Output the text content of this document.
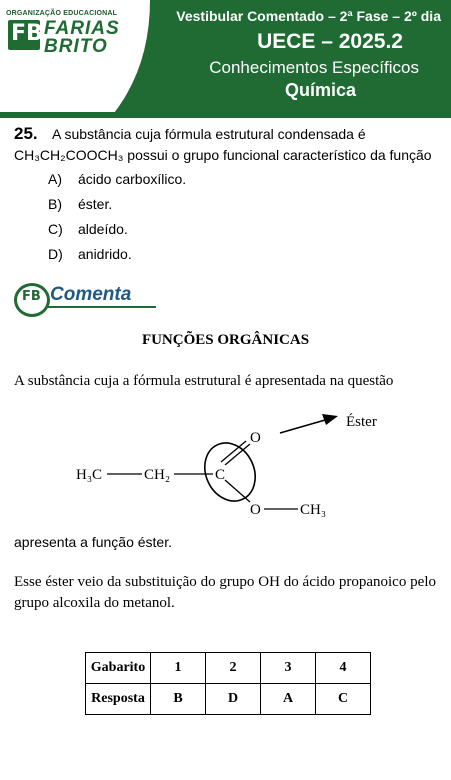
ORGANIZAÇÃO EDUCACIONAL
FB FARIAS
BRITO
Vestibular Comentado – 2ª Fase – 2º dia
UECE – 2025.2
Conhecimentos Específicos
Química
25. A substância cuja fórmula estrutural condensada é
CH₃CH₂COOCH₃ possui o grupo funcional característico da função
A) ácido carboxílico.
B) éster.
C) aldeído.
D) anidrido.
FB Comenta
FUNÇÕES ORGÂNICAS
A substância cuja a fórmula estrutural é apresentada na questão
H₃C	CH₂	C
O
O	CH₃
Éster
apresenta a função éster.
Esse éster veio da substituição do grupo OH do ácido propanoico pelo grupo alcoxila do metanol.
Gabarito	1	2	3	4
Resposta	B	D	A	C
